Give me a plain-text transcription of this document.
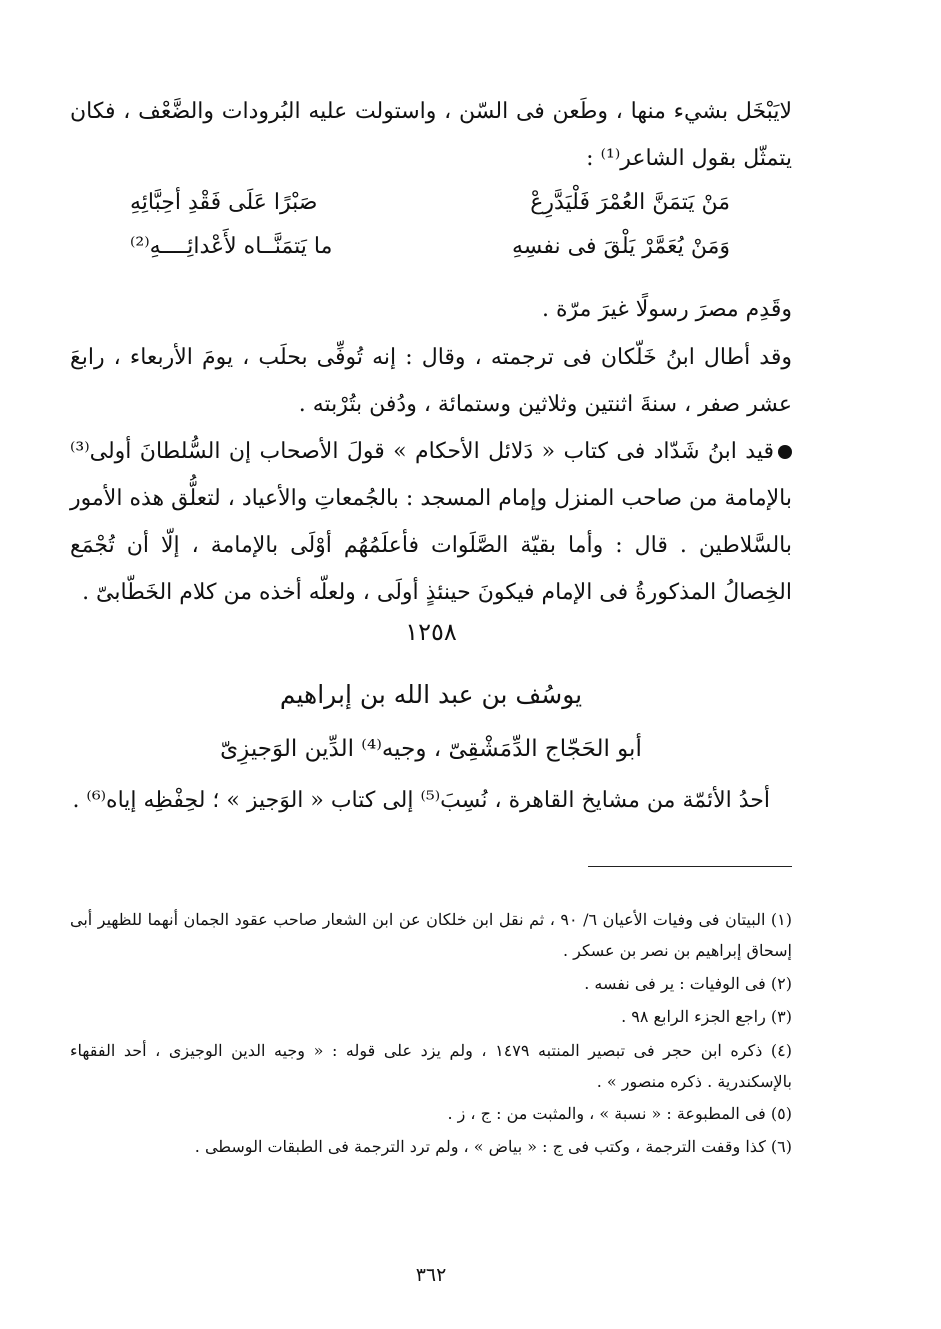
لايَبْخَل بشيء منها ، وطَعن فى السّن ، واستولت عليه البُرودات والضَّعْف ، فكان يتمثّل بقول الشاعر⁽¹⁾ :
مَنْ يَتمَنَّ العُمْرَ فَلْيَدَّرِعْ
صَبْرًا عَلَى فَقْدِ أحِبَّائِهِ
وَمَنْ يُعَمَّرْ يَلْقَ فى نفسِهِ
ما يَتمَنَّــاه لأَعْدائِــــهِ⁽²⁾
وقَدِم مصرَ رسولًا غيرَ مرّة .
وقد أطال ابنُ خَلّكان فى ترجمته ، وقال : إنه تُوفِّى بحلَب ، يومَ الأربعاء ، رابعَ عشر صفر ، سنةَ اثنتين وثلاثين وستمائة ، ودُفن بتُرْبته .
قيد ابنُ شَدّاد فى كتاب « دَلائل الأحكام » قولَ الأصحاب إن السُّلطانَ أولى⁽³⁾ بالإمامة من صاحب المنزل وإمام المسجد : بالجُمعاتِ والأعياد ، لتعلُّق هذه الأمور بالسَّلاطين . قال : وأما بقيّة الصَّلَوات فأعلَمُهُم أوْلَى بالإمامة ، إلّا أن تُجْمَع الخِصالُ المذكورةُ فى الإمام فيكونَ حينئذٍ أولَى ، ولعلّه أخذه من كلام الخَطّابىّ .
١٢٥٨
يوسُف بن عبد الله بن إبراهيم
أبو الحَجّاج الدِّمَشْقِىّ ، وجيه⁽⁴⁾ الدِّين الوَجيزِىّ
أحدُ الأئمّة من مشايخ القاهرة ، نُسِبَ⁽⁵⁾ إلى كتاب « الوَجيز » ؛ لحِفْظِه إياه⁽⁶⁾ .
(١) البيتان فى وفيات الأعيان ٦/ ٩٠ ، ثم نقل ابن خلكان عن ابن الشعار صاحب عقود الجمان أنهما للظهير أبى إسحاق إبراهيم بن نصر بن عسكر .
(٢) فى الوفيات : ير فى نفسه .
(٣) راجع الجزء الرابع ٩٨ .
(٤) ذكره ابن حجر فى تبصير المنتبه ١٤٧٩ ، ولم يزد على قوله : « وجيه الدين الوجيزى ، أحد الفقهاء بالإسكندرية . ذكره منصور » .
(٥) فى المطبوعة : « نسبة » ، والمثبت من : ج ، ز .
(٦) كذا وقفت الترجمة ، وكتب فى ج : « بياض » ، ولم ترد الترجمة فى الطبقات الوسطى .
٣٦٢
